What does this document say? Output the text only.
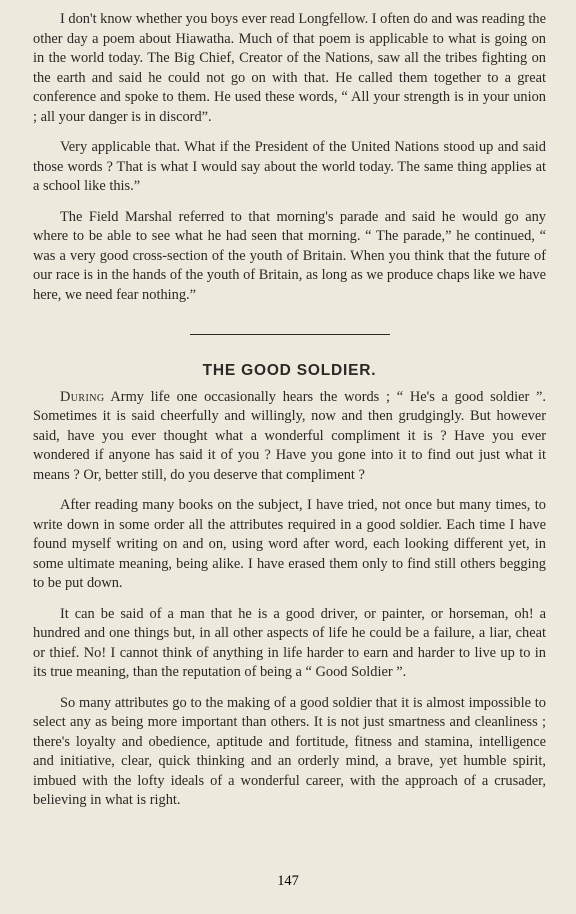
I don't know whether you boys ever read Longfellow. I often do and was reading the other day a poem about Hiawatha. Much of that poem is applicable to what is going on in the world today. The Big Chief, Creator of the Nations, saw all the tribes fighting on the earth and said he could not go on with that. He called them together to a great conference and spoke to them. He used these words, “ All your strength is in your union ; all your danger is in discord”.

Very applicable that. What if the President of the United Nations stood up and said those words ? That is what I would say about the world today. The same thing applies at a school like this.”

The Field Marshal referred to that morning's parade and said he would go any where to be able to see what he had seen that morning. “ The parade,” he continued, “ was a very good cross-section of the youth of Britain. When you think that the future of our race is in the hands of the youth of Britain, as long as we produce chaps like we have here, we need fear nothing.”

THE GOOD SOLDIER.

During Army life one occasionally hears the words ; “ He's a good soldier ”. Sometimes it is said cheerfully and willingly, now and then grudgingly. But however said, have you ever thought what a wonderful compliment it is ? Have you ever wondered if anyone has said it of you ? Have you gone into it to find out just what it means ? Or, better still, do you deserve that compliment ?

After reading many books on the subject, I have tried, not once but many times, to write down in some order all the attributes required in a good soldier. Each time I have found myself writing on and on, using word after word, each looking different yet, in some ultimate meaning, being alike. I have erased them only to find still others begging to be put down.

It can be said of a man that he is a good driver, or painter, or horseman, oh! a hundred and one things but, in all other aspects of life he could be a failure, a liar, cheat or thief. No! I cannot think of anything in life harder to earn and harder to live up to in its true meaning, than the reputation of being a “ Good Soldier ”.

So many attributes go to the making of a good soldier that it is almost impossible to select any as being more important than others. It is not just smartness and cleanliness ; there's loyalty and obedience, aptitude and fortitude, fitness and stamina, intelligence and initiative, clear, quick thinking and an orderly mind, a brave, yet humble spirit, imbued with the lofty ideals of a wonderful career, with the approach of a crusader, believing in what is right.

147
